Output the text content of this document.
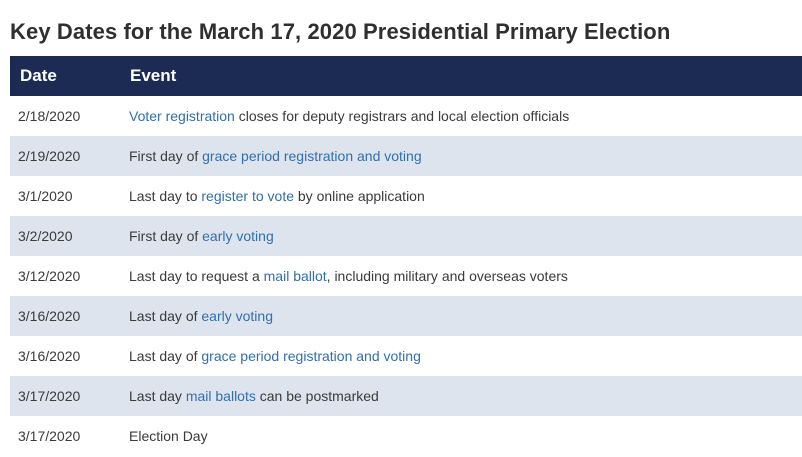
Key Dates for the March 17, 2020 Presidential Primary Election
Date	Event
2/18/2020	Voter registration closes for deputy registrars and local election officials
2/19/2020	First day of grace period registration and voting
3/1/2020	Last day to register to vote by online application
3/2/2020	First day of early voting
3/12/2020	Last day to request a mail ballot, including military and overseas voters
3/16/2020	Last day of early voting
3/16/2020	Last day of grace period registration and voting
3/17/2020	Last day mail ballots can be postmarked
3/17/2020	Election Day
